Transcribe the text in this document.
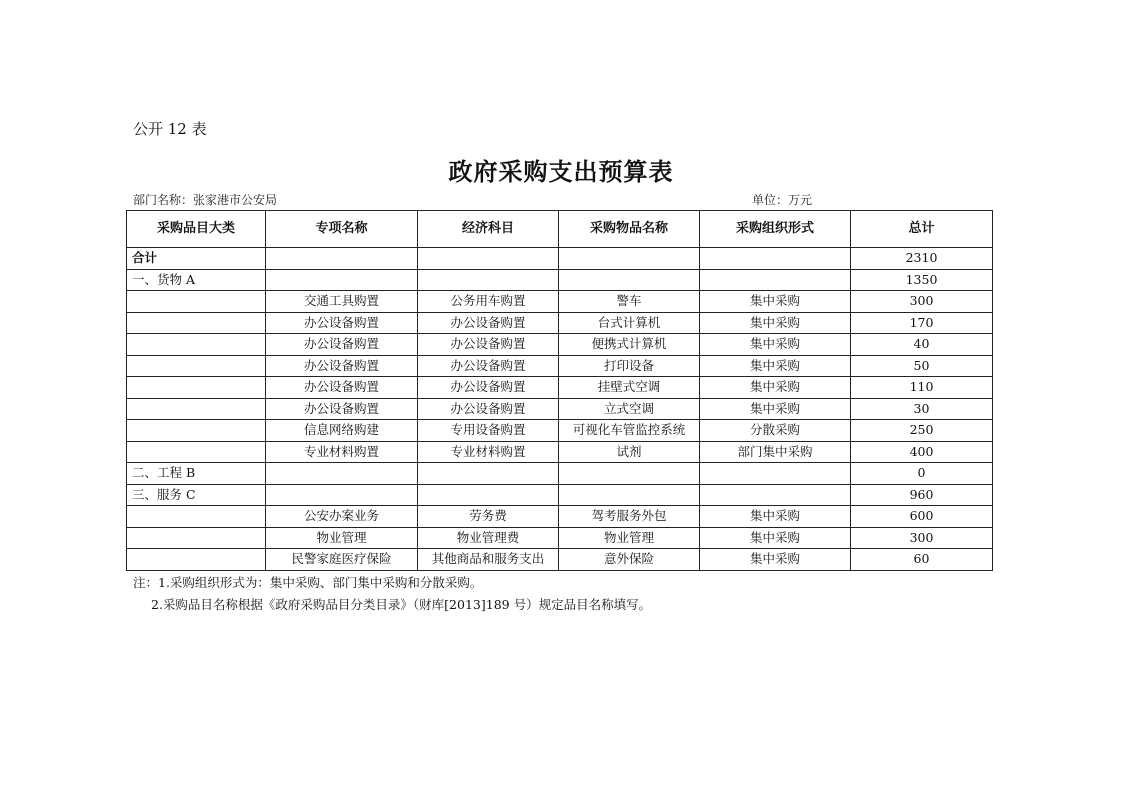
公开 12 表
政府采购支出预算表
部门名称：张家港市公安局	单位：万元
采购品目大类	专项名称	经济科目	采购物品名称	采购组织形式	总计
合计					2310
一、货物 A					1350
	交通工具购置	公务用车购置	警车	集中采购	300
	办公设备购置	办公设备购置	台式计算机	集中采购	170
	办公设备购置	办公设备购置	便携式计算机	集中采购	40
	办公设备购置	办公设备购置	打印设备	集中采购	50
	办公设备购置	办公设备购置	挂壁式空调	集中采购	110
	办公设备购置	办公设备购置	立式空调	集中采购	30
	信息网络购建	专用设备购置	可视化车管监控系统	分散采购	250
	专业材料购置	专业材料购置	试剂	部门集中采购	400
二、工程 B					0
三、服务 C					960
	公安办案业务	劳务费	驾考服务外包	集中采购	600
	物业管理	物业管理费	物业管理	集中采购	300
	民警家庭医疗保险	其他商品和服务支出	意外保险	集中采购	60
注：1.采购组织形式为：集中采购、部门集中采购和分散采购。
2.采购品目名称根据《政府采购品目分类目录》（财库[2013]189 号）规定品目名称填写。
